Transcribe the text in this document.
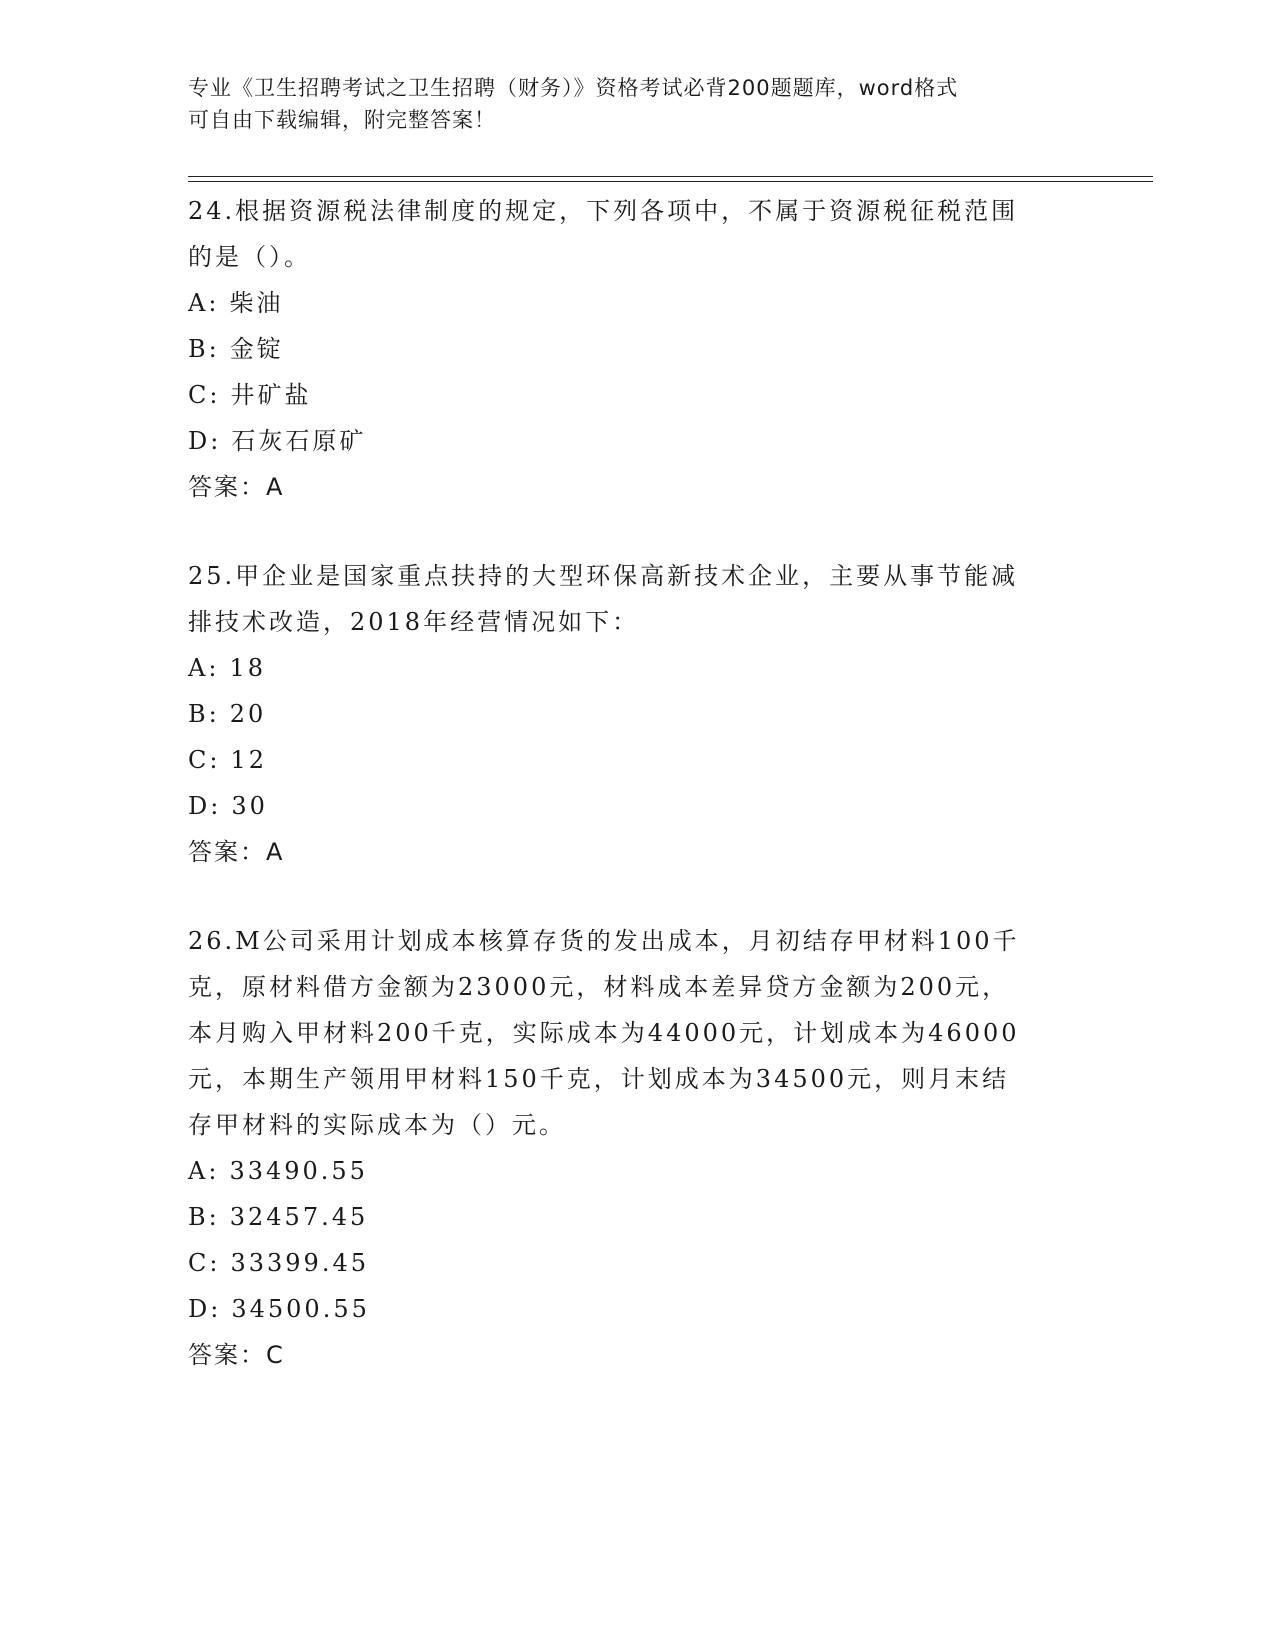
专业《卫生招聘考试之卫生招聘（财务）》资格考试必背200题题库，word格式
可自由下载编辑，附完整答案！

24.根据资源税法律制度的规定，下列各项中，不属于资源税征税范围

的是（）。

A: 柴油

B: 金锭

C: 井矿盐

D: 石灰石原矿

答案：A

25.甲企业是国家重点扶持的大型环保高新技术企业，主要从事节能减

排技术改造，2018年经营情况如下：

A: 18

B: 20

C: 12

D: 30

答案：A

26.M公司采用计划成本核算存货的发出成本，月初结存甲材料100千

克，原材料借方金额为23000元，材料成本差异贷方金额为200元，

本月购入甲材料200千克，实际成本为44000元，计划成本为46000

元，本期生产领用甲材料150千克，计划成本为34500元，则月末结

存甲材料的实际成本为（）元。

A: 33490.55

B: 32457.45

C: 33399.45

D: 34500.55

答案：C
